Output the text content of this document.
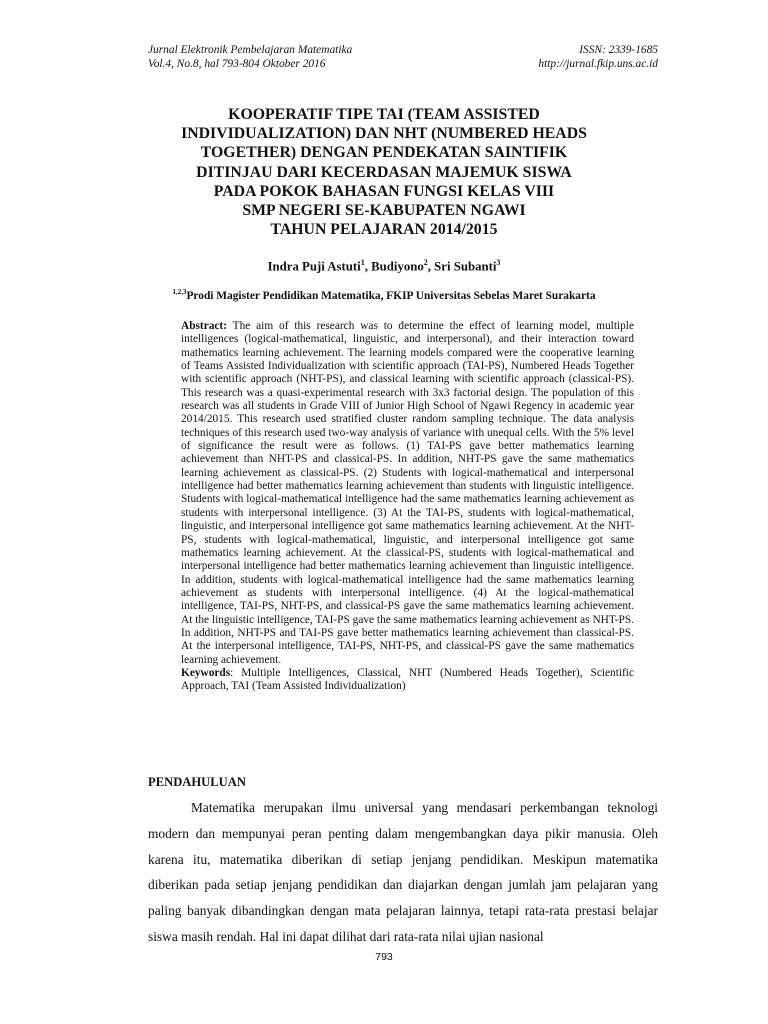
Jurnal Elektronik Pembelajaran Matematika	ISSN: 2339-1685
Vol.4, No.8, hal 793-804 Oktober 2016	http://jurnal.fkip.uns.ac.id
KOOPERATIF TIPE TAI (TEAM ASSISTED
INDIVIDUALIZATION) DAN NHT (NUMBERED HEADS
TOGETHER) DENGAN PENDEKATAN SAINTIFIK
DITINJAU DARI KECERDASAN MAJEMUK SISWA
PADA POKOK BAHASAN FUNGSI KELAS VIII
SMP NEGERI SE-KABUPATEN NGAWI
TAHUN PELAJARAN 2014/2015
Indra Puji Astuti$^1$, Budiyono$^2$, Sri Subanti$^3$
$^{1,2,3}$Prodi Magister Pendidikan Matematika, FKIP Universitas Sebelas Maret Surakarta
Abstract: The aim of this research was to determine the effect of learning model, multiple intelligences (logical-mathematical, linguistic, and interpersonal), and their interaction toward mathematics learning achievement. The learning models compared were the cooperative learning of Teams Assisted Individualization with scientific approach (TAI-PS), Numbered Heads Together with scientific approach (NHT-PS), and classical learning with scientific approach (classical-PS). This research was a quasi-experimental research with 3x3 factorial design. The population of this research was all students in Grade VIII of Junior High School of Ngawi Regency in academic year 2014/2015. This research used stratified cluster random sampling technique. The data analysis techniques of this research used two-way analysis of variance with unequal cells. With the 5% level of significance the result were as follows. (1) TAI-PS gave better mathematics learning achievement than NHT-PS and classical-PS. In addition, NHT-PS gave the same mathematics learning achievement as classical-PS. (2) Students with logical-mathematical and interpersonal intelligence had better mathematics learning achievement than students with linguistic intelligence. Students with logical-mathematical intelligence had the same mathematics learning achievement as students with interpersonal intelligence. (3) At the TAI-PS, students with logical-mathematical, linguistic, and interpersonal intelligence got same mathematics learning achievement. At the NHT-PS, students with logical-mathematical, linguistic, and interpersonal intelligence got same mathematics learning achievement. At the classical-PS, students with logical-mathematical and interpersonal intelligence had better mathematics learning achievement than linguistic intelligence. In addition, students with logical-mathematical intelligence had the same mathematics learning achievement as students with interpersonal intelligence. (4) At the logical-mathematical intelligence, TAI-PS, NHT-PS, and classical-PS gave the same mathematics learning achievement. At the linguistic intelligence, TAI-PS gave the same mathematics learning achievement as NHT-PS. In addition, NHT-PS and TAI-PS gave better mathematics learning achievement than classical-PS. At the interpersonal intelligence, TAI-PS, NHT-PS, and classical-PS gave the same mathematics learning achievement.
Keywords: Multiple Intelligences, Classical, NHT (Numbered Heads Together), Scientific Approach, TAI (Team Assisted Individualization)
PENDAHULUAN
Matematika merupakan ilmu universal yang mendasari perkembangan teknologi modern dan mempunyai peran penting dalam mengembangkan daya pikir manusia. Oleh karena itu, matematika diberikan di setiap jenjang pendidikan. Meskipun matematika diberikan pada setiap jenjang pendidikan dan diajarkan dengan jumlah jam pelajaran yang paling banyak dibandingkan dengan mata pelajaran lainnya, tetapi rata-rata prestasi belajar siswa masih rendah. Hal ini dapat dilihat dari rata-rata nilai ujian nasional
793
